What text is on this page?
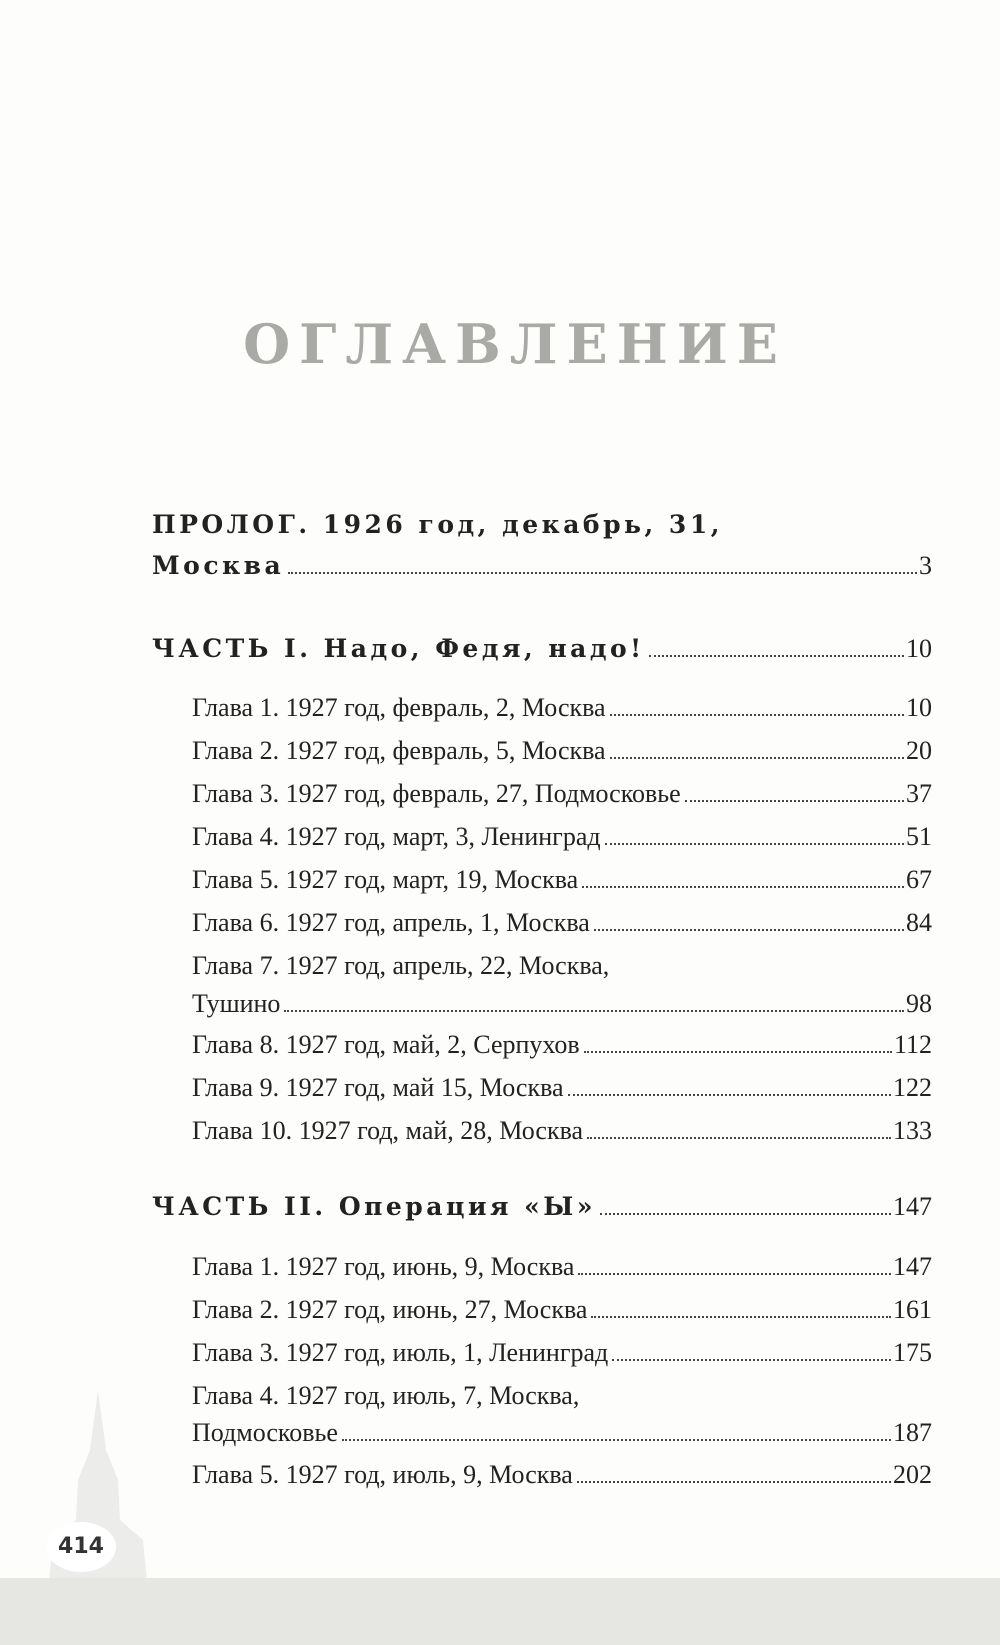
414
ОГЛАВЛЕНИЕ
ПРОЛОГ. 1926 год, декабрь, 31,
Москва	3
ЧАСТЬ I. Надо, Федя, надо!	10
Глава 1. 1927 год, февраль, 2, Москва	10
Глава 2. 1927 год, февраль, 5, Москва	20
Глава 3. 1927 год, февраль, 27, Подмосковье	37
Глава 4. 1927 год, март, 3, Ленинград	51
Глава 5. 1927 год, март, 19, Москва	67
Глава 6. 1927 год, апрель, 1, Москва	84
Глава 7. 1927 год, апрель, 22, Москва,
Тушино	98
Глава 8. 1927 год, май, 2, Серпухов	112
Глава 9. 1927 год, май 15, Москва	122
Глава 10. 1927 год, май, 28, Москва	133
ЧАСТЬ II. Операция «Ы»	147
Глава 1. 1927 год, июнь, 9, Москва	147
Глава 2. 1927 год, июнь, 27, Москва	161
Глава 3. 1927 год, июль, 1, Ленинград	175
Глава 4. 1927 год, июль, 7, Москва,
Подмосковье	187
Глава 5. 1927 год, июль, 9, Москва	202
